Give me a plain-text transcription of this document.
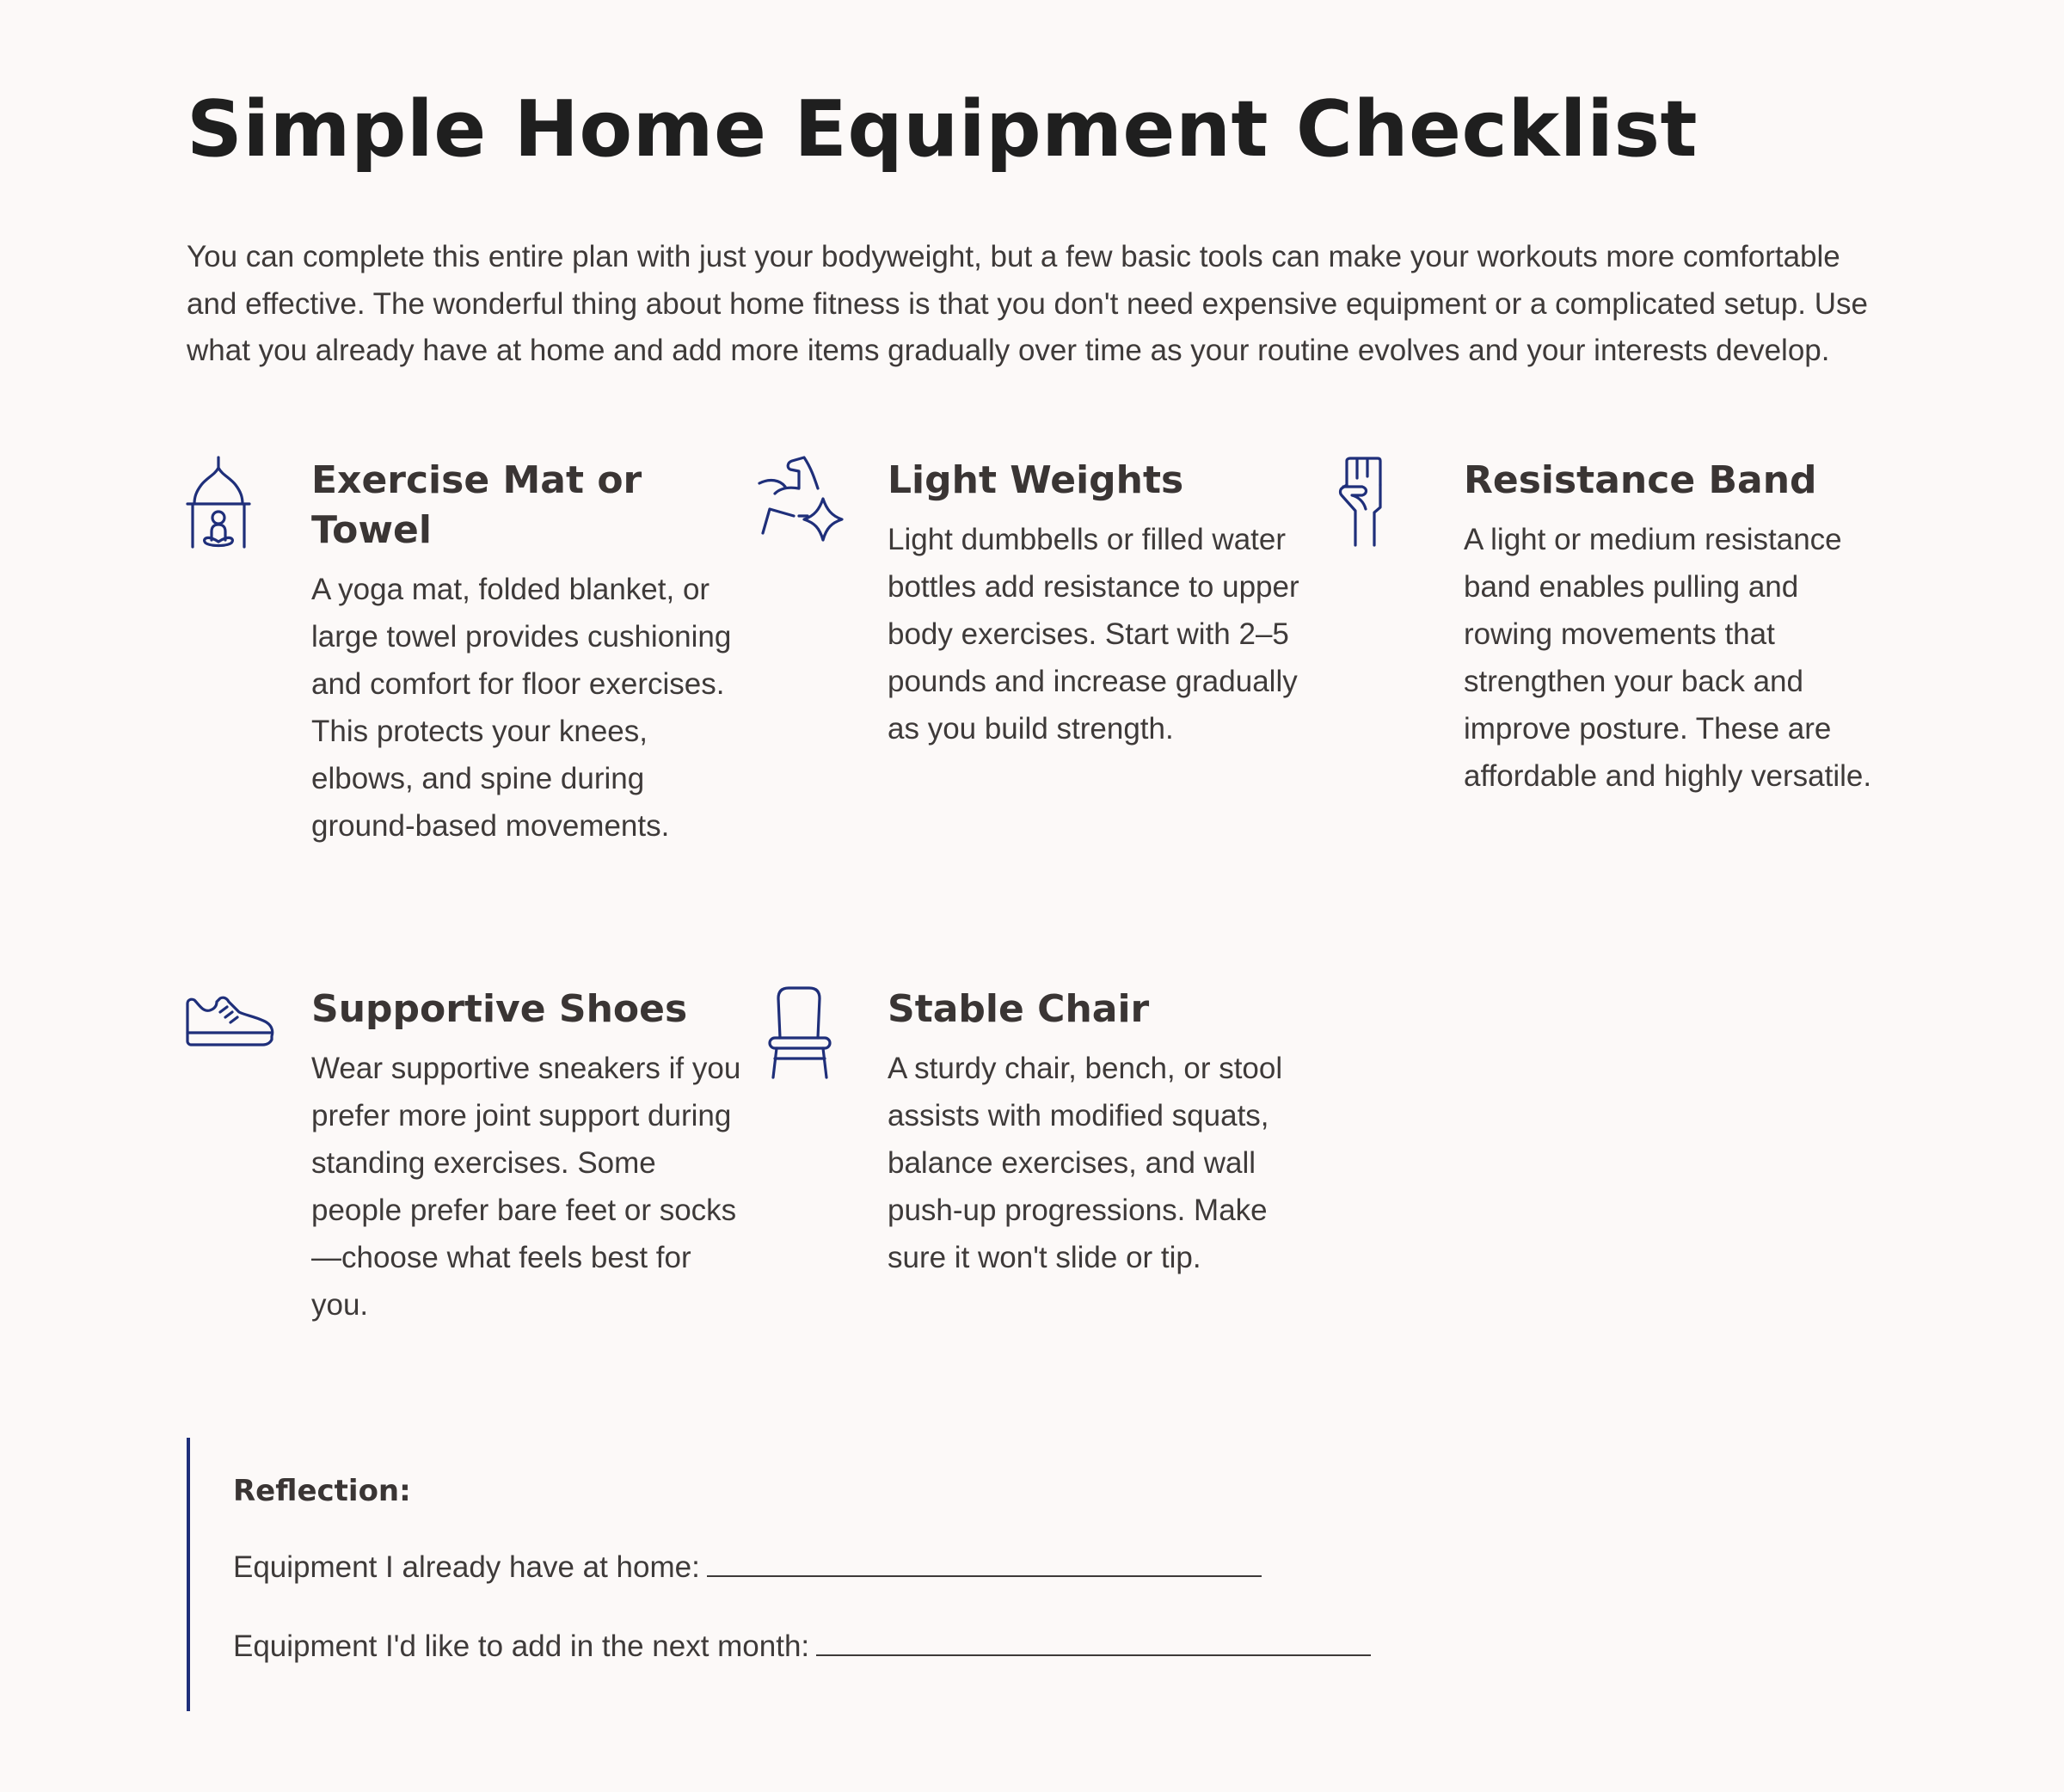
Simple Home Equipment Checklist

You can complete this entire plan with just your bodyweight, but a few basic tools can make your workouts more comfortable and effective. The wonderful thing about home fitness is that you don't need expensive equipment or a complicated setup. Use what you already have at home and add more items gradually over time as your routine evolves and your interests develop.

Exercise Mat or Towel

A yoga mat, folded blanket, or large towel provides cushioning and comfort for floor exercises. This protects your knees, elbows, and spine during ground-based movements.

Light Weights

Light dumbbells or filled water bottles add resistance to upper body exercises. Start with 2–5 pounds and increase gradually as you build strength.

Resistance Band

A light or medium resistance band enables pulling and rowing movements that strengthen your back and improve posture. These are affordable and highly versatile.

Supportive Shoes

Wear supportive sneakers if you prefer more joint support during standing exercises. Some people prefer bare feet or socks—choose what feels best for you.

Stable Chair

A sturdy chair, bench, or stool assists with modified squats, balance exercises, and wall push-up progressions. Make sure it won't slide or tip.

Reflection:
Equipment I already have at home:
Equipment I'd like to add in the next month:
